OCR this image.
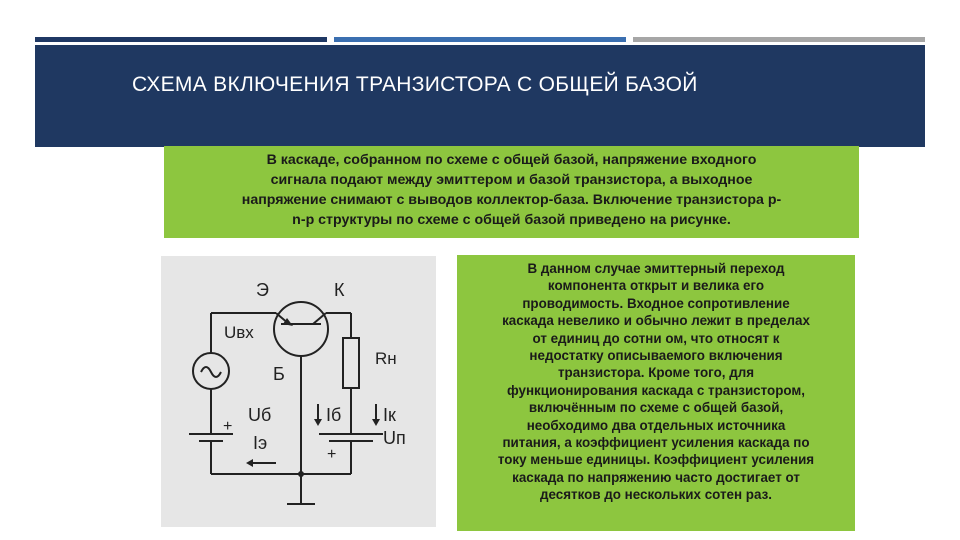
СХЕМА ВКЛЮЧЕНИЯ ТРАНЗИСТОРА С ОБЩЕЙ БАЗОЙ
В каскаде, собранном по схеме с общей базой, напряжение входного
сигнала подают между эмиттером и базой транзистора, а выходное
напряжение снимают с выводов коллектор-база. Включение транзистора р-
n-p структуры по схеме с общей базой приведено на рисунке.
Э	К
Uвх
Б
Rн
Uб	Iб Iк
+
Iэ	Uп
+
В данном случае эмиттерный переход
компонента открыт и велика его
проводимость. Входное сопротивление
каскада невелико и обычно лежит в пределах
от единиц до сотни ом, что относят к
недостатку описываемого включения
транзистора. Кроме того, для
функционирования каскада с транзистором,
включённым по схеме с общей базой,
необходимо два отдельных источника
питания, а коэффициент усиления каскада по
току меньше единицы. Коэффициент усиления
каскада по напряжению часто достигает от
десятков до нескольких сотен раз.
